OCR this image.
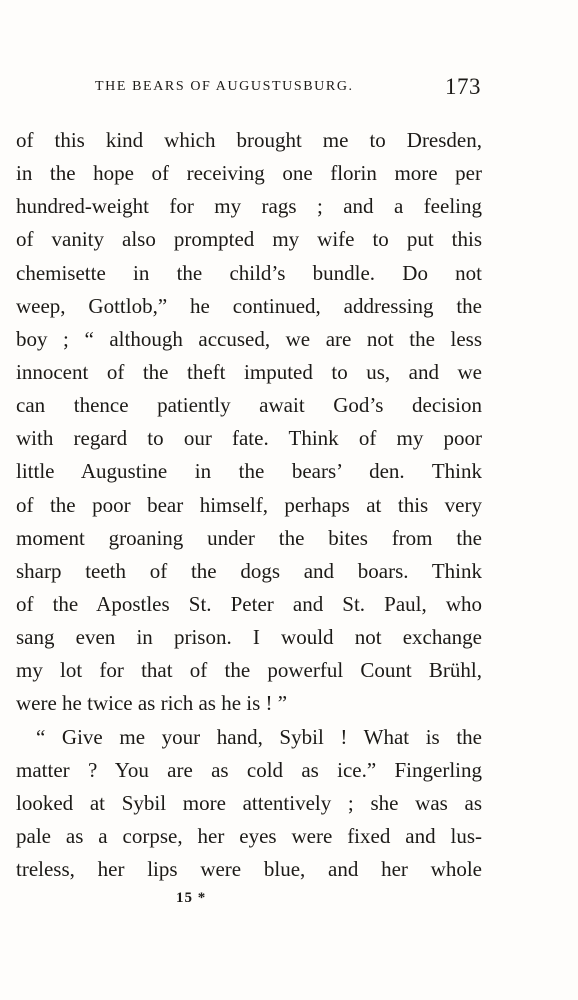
THE BEARS OF AUGUSTUSBURG.	173
of this kind which brought me to Dresden,
in the hope of receiving one florin more per
hundred-weight for my rags ; and a feeling
of vanity also prompted my wife to put this
chemisette in the child’s bundle. Do not
weep, Gottlob,” he continued, addressing the
boy ; “ although accused, we are not the less
innocent of the theft imputed to us, and we
can thence patiently await God’s decision
with regard to our fate. Think of my poor
little Augustine in the bears’ den. Think
of the poor bear himself, perhaps at this very
moment groaning under the bites from the
sharp teeth of the dogs and boars. Think
of the Apostles St. Peter and St. Paul, who
sang even in prison. I would not exchange
my lot for that of the powerful Count Brühl,
were he twice as rich as he is ! ”
“ Give me your hand, Sybil ! What is the
matter ? You are as cold as ice.” Fingerling
looked at Sybil more attentively ; she was as
pale as a corpse, her eyes were fixed and lus-
treless, her lips were blue, and her whole
15 *
